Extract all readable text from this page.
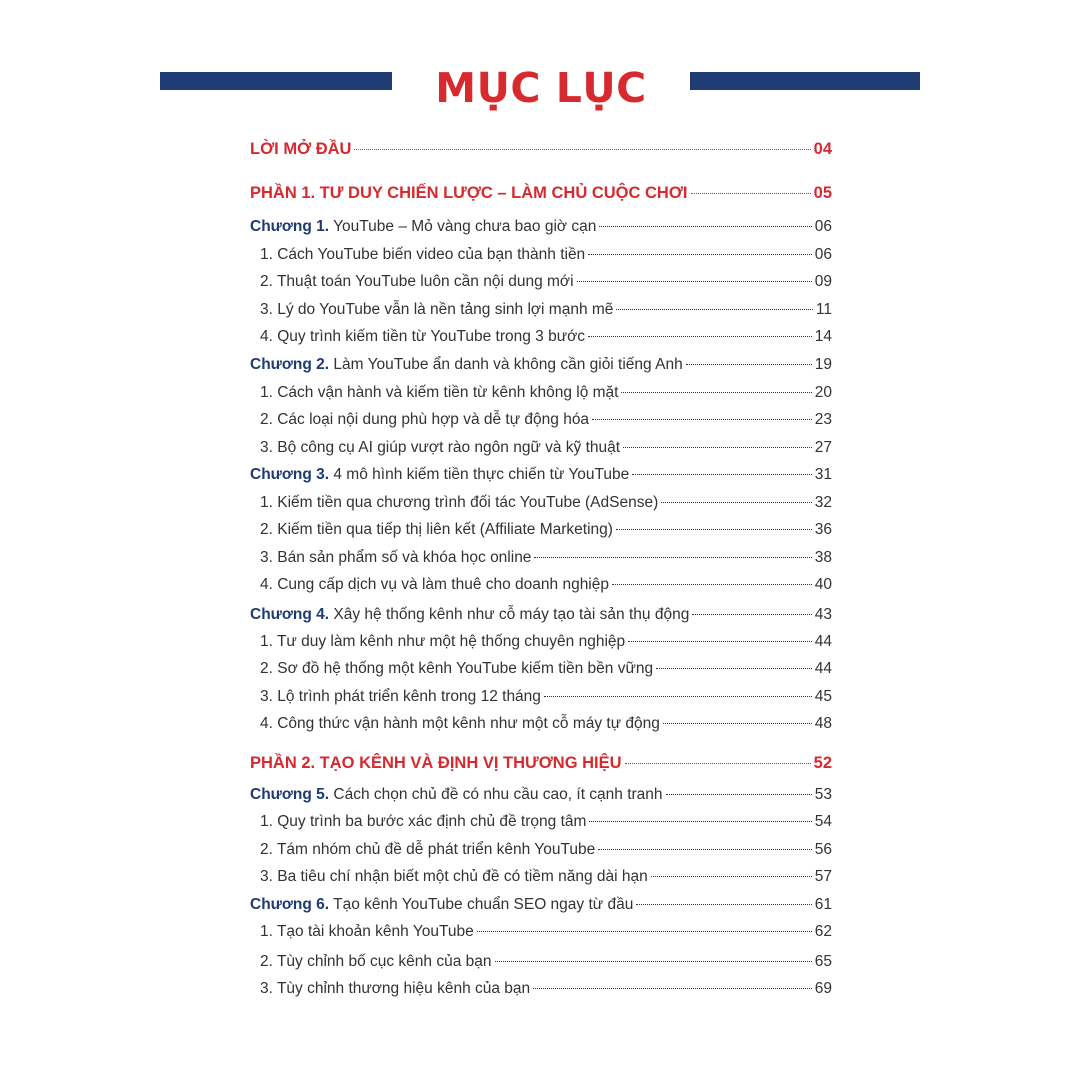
MỤC LỤC
LỜI MỞ ĐẦU	04
PHẦN 1. TƯ DUY CHIẾN LƯỢC – LÀM CHỦ CUỘC CHƠI	05
Chương 1. YouTube – Mỏ vàng chưa bao giờ cạn	06
1. Cách YouTube biến video của bạn thành tiền	06
2. Thuật toán YouTube luôn cần nội dung mới	09
3. Lý do YouTube vẫn là nền tảng sinh lợi mạnh mẽ	11
4. Quy trình kiếm tiền từ YouTube trong 3 bước	14
Chương 2. Làm YouTube ẩn danh và không cần giỏi tiếng Anh	19
1. Cách vận hành và kiếm tiền từ kênh không lộ mặt	20
2. Các loại nội dung phù hợp và dễ tự động hóa	23
3. Bộ công cụ AI giúp vượt rào ngôn ngữ và kỹ thuật	27
Chương 3. 4 mô hình kiếm tiền thực chiến từ YouTube	31
1. Kiếm tiền qua chương trình đối tác YouTube (AdSense)	32
2. Kiếm tiền qua tiếp thị liên kết (Affiliate Marketing)	36
3. Bán sản phẩm số và khóa học online	38
4. Cung cấp dịch vụ và làm thuê cho doanh nghiệp	40
Chương 4. Xây hệ thống kênh như cỗ máy tạo tài sản thụ động	43
1. Tư duy làm kênh như một hệ thống chuyên nghiệp	44
2. Sơ đồ hệ thống một kênh YouTube kiếm tiền bền vững	44
3. Lộ trình phát triển kênh trong 12 tháng	45
4. Công thức vận hành một kênh như một cỗ máy tự động	48
PHẦN 2. TẠO KÊNH VÀ ĐỊNH VỊ THƯƠNG HIỆU	52
Chương 5. Cách chọn chủ đề có nhu cầu cao, ít cạnh tranh	53
1. Quy trình ba bước xác định chủ đề trọng tâm	54
2. Tám nhóm chủ đề dễ phát triển kênh YouTube	56
3. Ba tiêu chí nhận biết một chủ đề có tiềm năng dài hạn	57
Chương 6. Tạo kênh YouTube chuẩn SEO ngay từ đầu	61
1. Tạo tài khoản kênh YouTube	62
2. Tùy chỉnh bố cục kênh của bạn	65
3. Tùy chỉnh thương hiệu kênh của bạn	69
